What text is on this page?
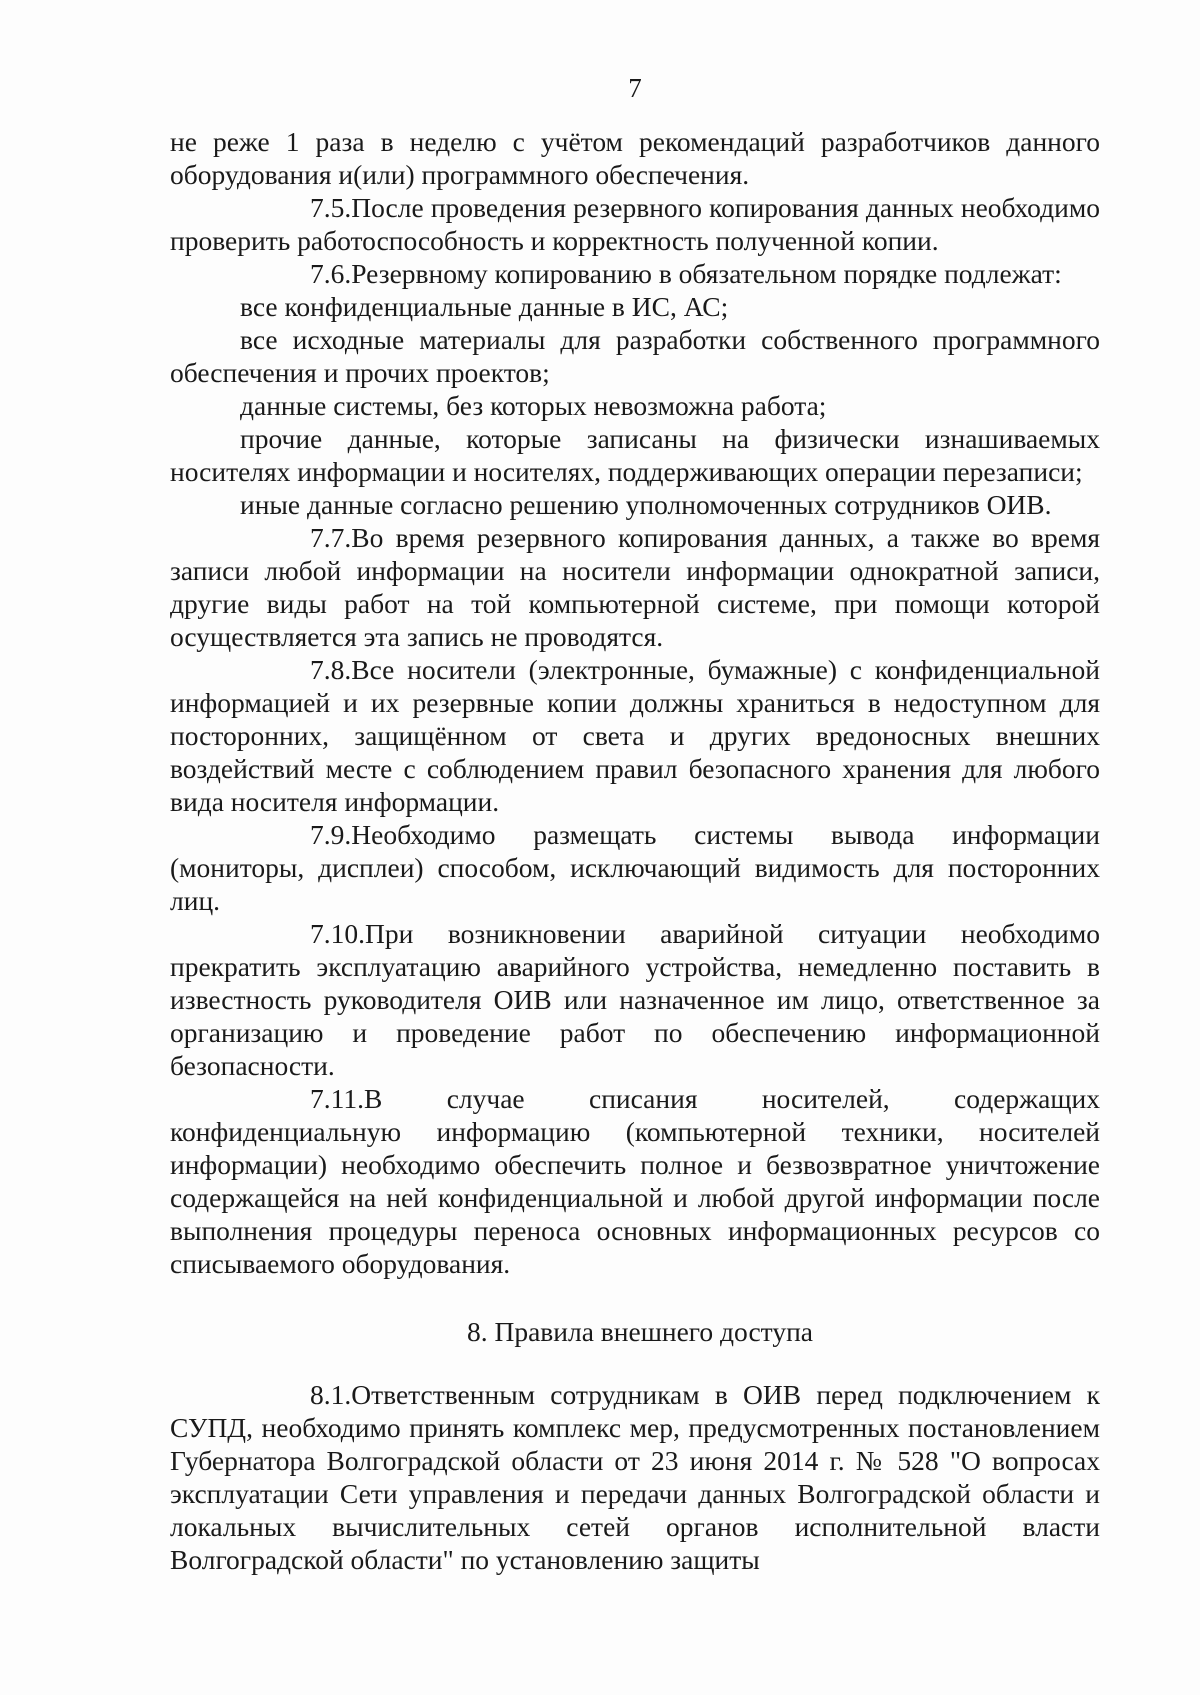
7

не реже 1 раза в неделю с учётом рекомендаций разработчиков данного оборудования и(или) программного обеспечения.

7.5.После проведения резервного копирования данных необходимо проверить работоспособность и корректность полученной копии.

7.6.Резервному копированию в обязательном порядке подлежат:

все конфиденциальные данные в ИС, АС;

все исходные материалы для разработки собственного программного обеспечения и прочих проектов;

данные системы, без которых невозможна работа;

прочие данные, которые записаны на физически изнашиваемых носителях информации и носителях, поддерживающих операции перезаписи;

иные данные согласно решению уполномоченных сотрудников ОИВ.

7.7.Во время резервного копирования данных, а также во время записи любой информации на носители информации однократной записи, другие виды работ на той компьютерной системе, при помощи которой осуществляется эта запись не проводятся.

7.8.Все носители (электронные, бумажные) с конфиденциальной информацией и их резервные копии должны храниться в недоступном для посторонних, защищённом от света и других вредоносных внешних воздействий месте с соблюдением правил безопасного хранения для любого вида носителя информации.

7.9.Необходимо размещать системы вывода информации (мониторы, дисплеи) способом, исключающий видимость для посторонних лиц.

7.10.При возникновении аварийной ситуации необходимо прекратить эксплуатацию аварийного устройства, немедленно поставить в известность руководителя ОИВ или назначенное им лицо, ответственное за организацию и проведение работ по обеспечению информационной безопасности.

7.11.В случае списания носителей, содержащих конфиденциальную информацию (компьютерной техники, носителей информации) необходимо обеспечить полное и безвозвратное уничтожение содержащейся на ней конфиденциальной и любой другой информации после выполнения процедуры переноса основных информационных ресурсов со списываемого оборудования.

8. Правила внешнего доступа

8.1.Ответственным сотрудникам в ОИВ перед подключением к СУПД, необходимо принять комплекс мер, предусмотренных постановлением Губернатора Волгоградской области от 23 июня 2014 г. № 528 "О вопросах эксплуатации Сети управления и передачи данных Волгоградской области и локальных вычислительных сетей органов исполнительной власти Волгоградской области" по установлению защиты
